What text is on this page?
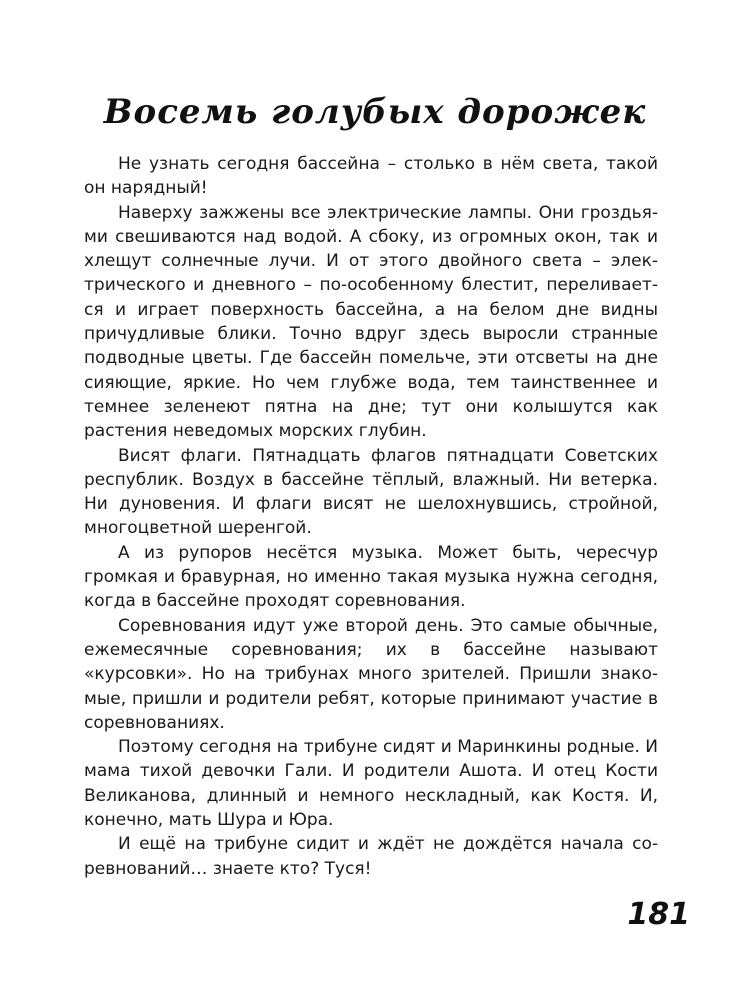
Восемь голубых дорожек

Не узнать сегодня бассейна – столько в нём света, такой он нарядный!

Наверху зажжены все электрические лампы. Они гроздьями свешиваются над водой. А сбоку, из огромных окон, так и хлещут солнечные лучи. И от этого двойного света – электрического и дневного – по-особенному блестит, переливается и играет поверхность бассейна, а на белом дне видны причудливые блики. Точно вдруг здесь выросли странные подводные цветы. Где бассейн помельче, эти отсветы на дне сияющие, яркие. Но чем глубже вода, тем таинственнее и темнее зеленеют пятна на дне; тут они колышутся как растения неведомых морских глубин.

Висят флаги. Пятнадцать флагов пятнадцати Советских республик. Воздух в бассейне тёплый, влажный. Ни ветерка. Ни дуновения. И флаги висят не шелохнувшись, стройной, многоцветной шеренгой.

А из рупоров несётся музыка. Может быть, чересчур громкая и бравурная, но именно такая музыка нужна сегодня, когда в бассейне проходят соревнования.

Соревнования идут уже второй день. Это самые обычные, ежемесячные соревнования; их в бассейне называют «курсовки». Но на трибунах много зрителей. Пришли знакомые, пришли и родители ребят, которые принимают участие в соревнованиях.

Поэтому сегодня на трибуне сидят и Маринкины родные. И мама тихой девочки Гали. И родители Ашота. И отец Кости Великанова, длинный и немного нескладный, как Костя. И, конечно, мать Шура и Юра.

И ещё на трибуне сидит и ждёт не дождётся начала соревнований… знаете кто? Туся!

181
